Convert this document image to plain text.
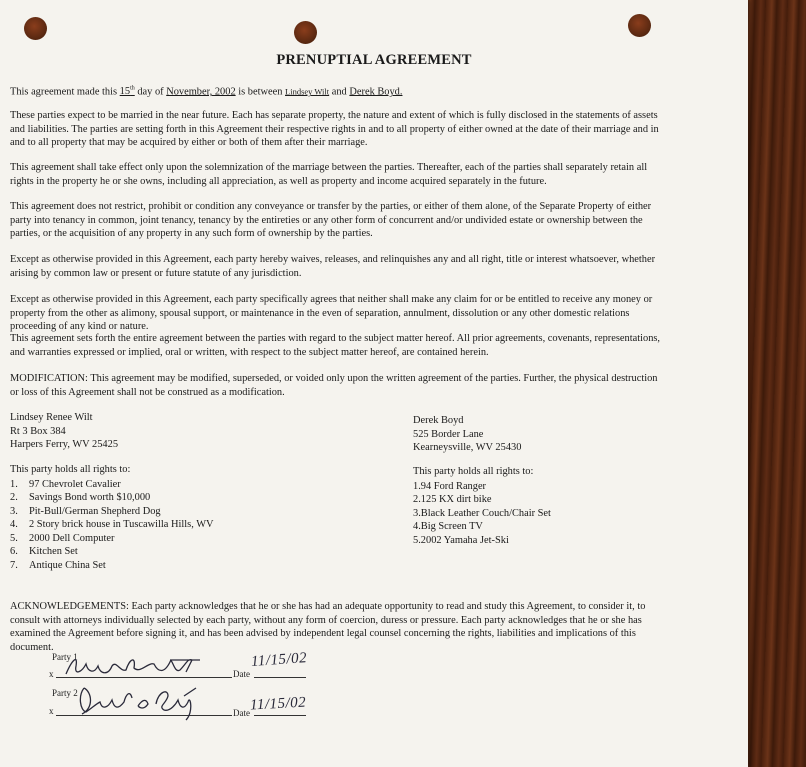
PRENUPTIAL AGREEMENT
This agreement made this 15th day of November, 2002 is between Lindsey Wilt and Derek Boyd.
These parties expect to be married in the near future. Each has separate property, the nature and extent of which is fully disclosed in the statements of assets and liabilities. The parties are setting forth in this Agreement their respective rights in and to all property of either owned at the date of their marriage and in and to all property that may be acquired by either or both of them after their marriage.
This agreement shall take effect only upon the solemnization of the marriage between the parties. Thereafter, each of the parties shall separately retain all rights in the property he or she owns, including all appreciation, as well as property and income acquired separately in the future.
This agreement does not restrict, prohibit or condition any conveyance or transfer by the parties, or either of them alone, of the Separate Property of either party into tenancy in common, joint tenancy, tenancy by the entireties or any other form of concurrent and/or undivided estate or ownership between the parties, or the acquisition of any property in any such form of ownership by the parties.
Except as otherwise provided in this Agreement, each party hereby waives, releases, and relinquishes any and all right, title or interest whatsoever, whether arising by common law or present or future statute of any jurisdiction.
Except as otherwise provided in this Agreement, each party specifically agrees that neither shall make any claim for or be entitled to receive any money or property from the other as alimony, spousal support, or maintenance in the even of separation, annulment, dissolution or any other domestic relations proceeding of any kind or nature.
This agreement sets forth the entire agreement between the parties with regard to the subject matter hereof. All prior agreements, covenants, representations, and warranties expressed or implied, oral or written, with respect to the subject matter hereof, are contained herein.
MODIFICATION: This agreement may be modified, superseded, or voided only upon the written agreement of the parties. Further, the physical destruction or loss of this Agreement shall not be construed as a modification.
Lindsey Renee Wilt
Rt 3 Box 384
Harpers Ferry, WV 25425
Derek Boyd
525 Border Lane
Kearneysville, WV 25430
This party holds all rights to:
1.	97 Chevrolet Cavalier
2.	Savings Bond worth $10,000
3.	Pit-Bull/German Shepherd Dog
4.	2 Story brick house in Tuscawilla Hills, WV
5.	2000 Dell Computer
6.	Kitchen Set
7.	Antique China Set
This party holds all rights to:
1. 94 Ford Ranger
2. 125 KX dirt bike
3. Black Leather Couch/Chair Set
4. Big Screen TV
5. 2002 Yamaha Jet-Ski
ACKNOWLEDGEMENTS: Each party acknowledges that he or she has had an adequate opportunity to read and study this Agreement, to consider it, to consult with attorneys individually selected by each party, without any form of coercion, duress or pressure. Each party acknowledges that he or she has examined the Agreement before signing it, and has been advised by independent legal counsel concerning the rights, liabilities and implications of this document.
Party 1
x	Date
11/15/02
Party 2
x	Date 11/15/02
